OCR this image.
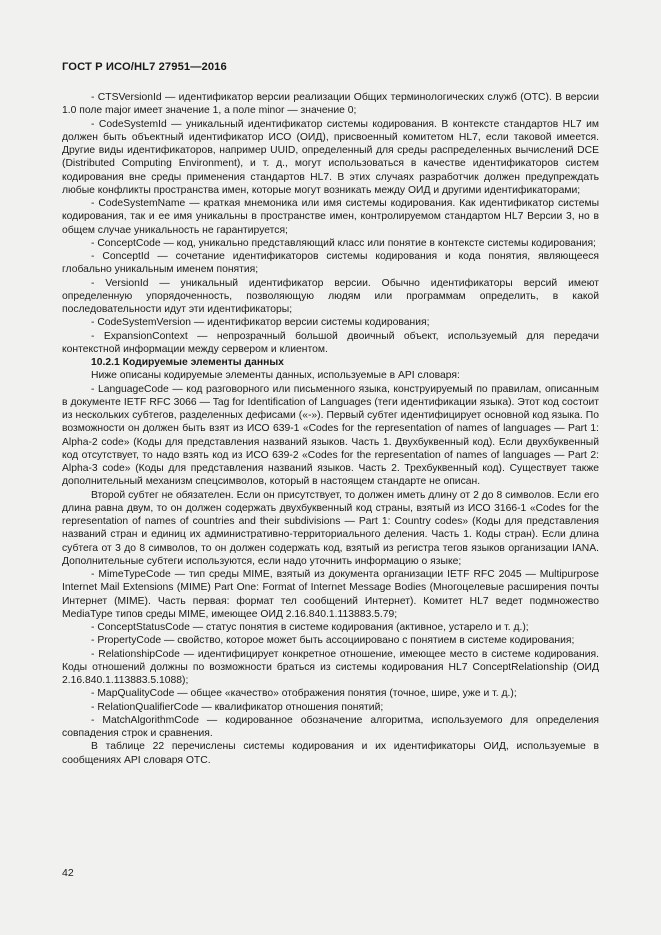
ГОСТ Р ИСО/HL7 27951—2016

- CTSVersionId — идентификатор версии реализации Общих терминологических служб (OTC). В версии 1.0 поле major имеет значение 1, а поле minor — значение 0;

- CodeSystemId — уникальный идентификатор системы кодирования. В контексте стандартов HL7 им должен быть объектный идентификатор ИСО (ОИД), присвоенный комитетом HL7, если таковой имеется. Другие виды идентификаторов, например UUID, определенный для среды распределенных вычислений DCE (Distributed Computing Environment), и т. д., могут использоваться в качестве идентификаторов систем кодирования вне среды применения стандартов HL7. В этих случаях разработчик должен предупреждать любые конфликты пространства имен, которые могут возникать между ОИД и другими идентификаторами;

- CodeSystemName — краткая мнемоника или имя системы кодирования. Как идентификатор системы кодирования, так и ее имя уникальны в пространстве имен, контролируемом стандартом HL7 Версии 3, но в общем случае уникальность не гарантируется;

- ConceptCode — код, уникально представляющий класс или понятие в контексте системы кодирования;

- ConceptId — сочетание идентификаторов системы кодирования и кода понятия, являющееся глобально уникальным именем понятия;

- VersionId — уникальный идентификатор версии. Обычно идентификаторы версий имеют определенную упорядоченность, позволяющую людям или программам определить, в какой последовательности идут эти идентификаторы;

- CodeSystemVersion — идентификатор версии системы кодирования;

- ExpansionContext — непрозрачный большой двоичный объект, используемый для передачи контекстной информации между сервером и клиентом.

10.2.1 Кодируемые элементы данных

Ниже описаны кодируемые элементы данных, используемые в API словаря:

- LanguageCode — код разговорного или письменного языка, конструируемый по правилам, описанным в документе IETF RFC 3066 — Tag for Identification of Languages (теги идентификации языка). Этот код состоит из нескольких субтегов, разделенных дефисами («-»). Первый субтег идентифицирует основной код языка. По возможности он должен быть взят из ИСО 639-1 «Codes for the representation of names of languages — Part 1: Alpha-2 code» (Коды для представления названий языков. Часть 1. Двухбуквенный код). Если двухбуквенный код отсутствует, то надо взять код из ИСО 639-2 «Codes for the representation of names of languages — Part 2: Alpha-3 code» (Коды для представления названий языков. Часть 2. Трехбуквенный код). Существует также дополнительный механизм спецсимволов, который в настоящем стандарте не описан.

Второй субтег не обязателен. Если он присутствует, то должен иметь длину от 2 до 8 символов. Если его длина равна двум, то он должен содержать двухбуквенный код страны, взятый из ИСО 3166-1 «Codes for the representation of names of countries and their subdivisions — Part 1: Country codes» (Коды для представления названий стран и единиц их административно-территориального деления. Часть 1. Коды стран). Если длина субтега от 3 до 8 символов, то он должен содержать код, взятый из регистра тегов языков организации IANA. Дополнительные субтеги используются, если надо уточнить информацию о языке;

- MimeTypeCode — тип среды MIME, взятый из документа организации IETF RFC 2045 — Multipurpose Internet Mail Extensions (MIME) Part One: Format of Internet Message Bodies (Многоцелевые расширения почты Интернет (MIME). Часть первая: формат тел сообщений Интернет). Комитет HL7 ведет подмножество MediaType типов среды MIME, имеющее ОИД 2.16.840.1.113883.5.79;

- ConceptStatusCode — статус понятия в системе кодирования (активное, устарело и т. д.);

- PropertyCode — свойство, которое может быть ассоциировано с понятием в системе кодирования;

- RelationshipCode — идентифицирует конкретное отношение, имеющее место в системе кодирования. Коды отношений должны по возможности браться из системы кодирования HL7 ConceptRelationship (ОИД 2.16.840.1.113883.5.1088);

- MapQualityCode — общее «качество» отображения понятия (точное, шире, уже и т. д.);

- RelationQualifierCode — квалификатор отношения понятий;

- MatchAlgorithmCode — кодированное обозначение алгоритма, используемого для определения совпадения строк и сравнения.

В таблице 22 перечислены системы кодирования и их идентификаторы ОИД, используемые в сообщениях API словаря OTC.

42
